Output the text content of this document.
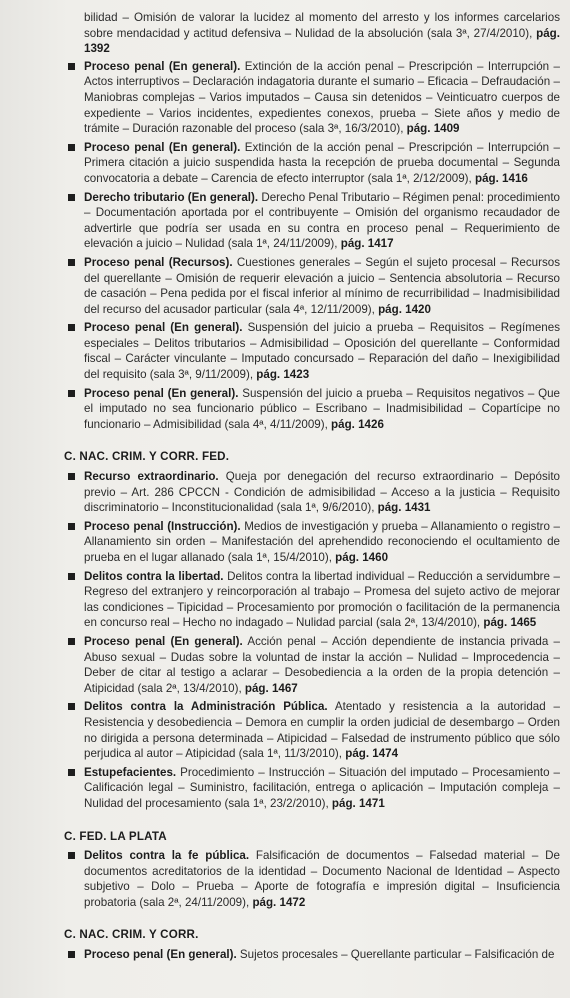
bilidad – Omisión de valorar la lucidez al momento del arresto y los informes carcelarios sobre mendacidad y actitud defensiva – Nulidad de la absolución (sala 3ª, 27/4/2010), pág. 1392

Proceso penal (En general). Extinción de la acción penal – Prescripción – Interrupción – Actos interruptivos – Declaración indagatoria durante el sumario – Eficacia – Defraudación – Maniobras complejas – Varios imputados – Causa sin detenidos – Veinticuatro cuerpos de expediente – Varios incidentes, expedientes conexos, prueba – Siete años y medio de trámite – Duración razonable del proceso (sala 3ª, 16/3/2010), pág. 1409
Proceso penal (En general). Extinción de la acción penal – Prescripción – Interrupción – Primera citación a juicio suspendida hasta la recepción de prueba documental – Segunda convocatoria a debate – Carencia de efecto interruptor (sala 1ª, 2/12/2009), pág. 1416
Derecho tributario (En general). Derecho Penal Tributario – Régimen penal: procedimiento – Documentación aportada por el contribuyente – Omisión del organismo recaudador de advertirle que podría ser usada en su contra en proceso penal – Requerimiento de elevación a juicio – Nulidad (sala 1ª, 24/11/2009), pág. 1417
Proceso penal (Recursos). Cuestiones generales – Según el sujeto procesal – Recursos del querellante – Omisión de requerir elevación a juicio – Sentencia absolutoria – Recurso de casación – Pena pedida por el fiscal inferior al mínimo de recurribilidad – Inadmisibilidad del recurso del acusador particular (sala 4ª, 12/11/2009), pág. 1420
Proceso penal (En general). Suspensión del juicio a prueba – Requisitos – Regímenes especiales – Delitos tributarios – Admisibilidad – Oposición del querellante – Conformidad fiscal – Carácter vinculante – Imputado concursado – Reparación del daño – Inexigibilidad del requisito (sala 3ª, 9/11/2009), pág. 1423
Proceso penal (En general). Suspensión del juicio a prueba – Requisitos negativos – Que el imputado no sea funcionario público – Escribano – Inadmisibilidad – Copartícipe no funcionario – Admisibilidad (sala 4ª, 4/11/2009), pág. 1426
C. NAC. CRIM. Y CORR. FED.
Recurso extraordinario. Queja por denegación del recurso extraordinario – Depósito previo – Art. 286 CPCCN - Condición de admisibilidad – Acceso a la justicia – Requisito discriminatorio – Inconstitucionalidad (sala 1ª, 9/6/2010), pág. 1431
Proceso penal (Instrucción). Medios de investigación y prueba – Allanamiento o registro – Allanamiento sin orden – Manifestación del aprehendido reconociendo el ocultamiento de prueba en el lugar allanado (sala 1ª, 15/4/2010), pág. 1460
Delitos contra la libertad. Delitos contra la libertad individual – Reducción a servidumbre – Regreso del extranjero y reincorporación al trabajo – Promesa del sujeto activo de mejorar las condiciones – Tipicidad – Procesamiento por promoción o facilitación de la permanencia en concurso real – Hecho no indagado – Nulidad parcial (sala 2ª, 13/4/2010), pág. 1465
Proceso penal (En general). Acción penal – Acción dependiente de instancia privada – Abuso sexual – Dudas sobre la voluntad de instar la acción – Nulidad – Improcedencia – Deber de citar al testigo a aclarar – Desobediencia a la orden de la propia detención – Atipicidad (sala 2ª, 13/4/2010), pág. 1467
Delitos contra la Administración Pública. Atentado y resistencia a la autoridad – Resistencia y desobediencia – Demora en cumplir la orden judicial de desembargo – Orden no dirigida a persona determinada – Atipicidad – Falsedad de instrumento público que sólo perjudica al autor – Atipicidad (sala 1ª, 11/3/2010), pág. 1474
Estupefacientes. Procedimiento – Instrucción – Situación del imputado – Procesamiento – Calificación legal – Suministro, facilitación, entrega o aplicación – Imputación compleja – Nulidad del procesamiento (sala 1ª, 23/2/2010), pág. 1471
C. FED. LA PLATA
Delitos contra la fe pública. Falsificación de documentos – Falsedad material – De documentos acreditatorios de la identidad – Documento Nacional de Identidad – Aspecto subjetivo – Dolo – Prueba – Aporte de fotografía e impresión digital – Insuficiencia probatoria (sala 2ª, 24/11/2009), pág. 1472
C. NAC. CRIM. Y CORR.
Proceso penal (En general). Sujetos procesales – Querellante particular – Falsificación de
